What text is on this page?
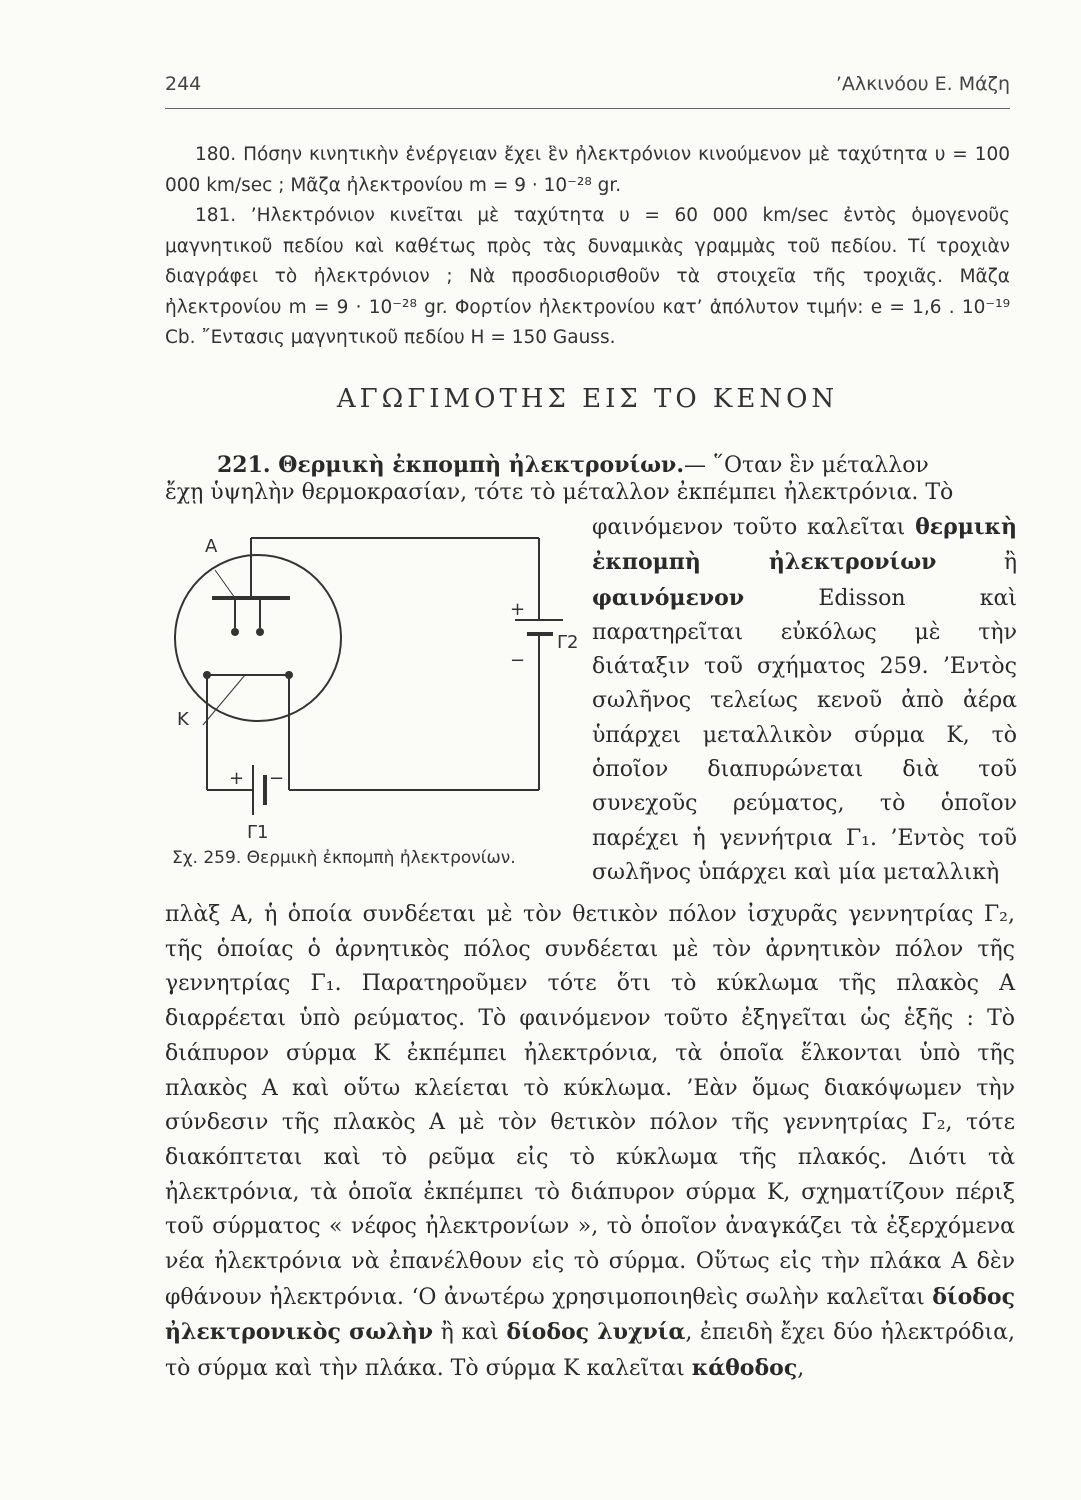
244	’Αλκινόου Ε. Μάζη

180. Πόσην κινητικὴν ἐνέργειαν ἔχει ἓν ἠλεκτρόνιον κινούμενον μὲ ταχύτητα υ = 100 000 km/sec ; Μᾶζα ἠλεκτρονίου m = 9 · 10⁻²⁸ gr.

181. ’Ηλεκτρόνιον κινεῖται μὲ ταχύτητα υ = 60 000 km/sec ἐντὸς ὁμογενοῦς μαγνητικοῦ πεδίου καὶ καθέτως πρὸς τὰς δυναμικὰς γραμμὰς τοῦ πεδίου. Τί τροχιὰν διαγράφει τὸ ἠλεκτρόνιον ; Νὰ προσδιορισθοῦν τὰ στοιχεῖα τῆς τροχιᾶς. Μᾶζα ἠλεκτρονίου m = 9 · 10⁻²⁸ gr. Φορτίον ἠλεκτρονίου κατ’ ἀπόλυτον τιμήν: e = 1,6 . 10⁻¹⁹ Cb. ῎Εντασις μαγνητικοῦ πεδίου Η = 150 Gauss.

ΑΓΩΓΙΜΟΤΗΣ ΕΙΣ ΤΟ ΚΕΝΟΝ
221. Θερμικὴ ἐκπομπὴ ἠλεκτρονίων.— ῞Οταν ἓν μέταλλον
ἔχῃ ὑψηλὴν θερμοκρασίαν, τότε τὸ μέταλλον ἐκπέμπει ἠλεκτρόνια. Τὸ

φαινόμενον τοῦτο καλεῖται θερμικὴ ἐκπομπὴ ἠλεκτρονίων ἢ φαινόμενον Edisson καὶ παρατηρεῖται εὐκόλως μὲ τὴν διάταξιν τοῦ σχήματος 259. ’Εντὸς σωλῆνος τελείως κενοῦ ἀπὸ ἀέρα ὑπάρχει μεταλλικὸν σύρμα Κ, τὸ ὁποῖον διαπυρώνεται διὰ τοῦ συνεχοῦς ρεύματος, τὸ ὁποῖον παρέχει ἡ γεννήτρια Γ₁. ’Εντὸς τοῦ σωλῆνος ὑπάρχει καὶ μία μεταλλικὴ

Α
Κ
+
−
Γ2
+ −
Γ1
Σχ. 259. Θερμικὴ ἐκπομπὴ ἠλεκτρονίων.

πλὰξ Α, ἡ ὁποία συνδέεται μὲ τὸν θετικὸν πόλον ἰσχυρᾶς γεννητρίας Γ₂, τῆς ὁποίας ὁ ἀρνητικὸς πόλος συνδέεται μὲ τὸν ἀρνητικὸν πόλον τῆς γεννητρίας Γ₁. Παρατηροῦμεν τότε ὅτι τὸ κύκλωμα τῆς πλακὸς Α διαρρέεται ὑπὸ ρεύματος. Τὸ φαινόμενον τοῦτο ἐξηγεῖται ὡς ἑξῆς : Τὸ διάπυρον σύρμα Κ ἐκπέμπει ἠλεκτρόνια, τὰ ὁποῖα ἕλκονται ὑπὸ τῆς πλακὸς Α καὶ οὕτω κλείεται τὸ κύκλωμα. ’Εὰν ὅμως διακόψωμεν τὴν σύνδεσιν τῆς πλακὸς Α μὲ τὸν θετικὸν πόλον τῆς γεννητρίας Γ₂, τότε διακόπτεται καὶ τὸ ρεῦμα εἰς τὸ κύκλωμα τῆς πλακός. Διότι τὰ ἠλεκτρόνια, τὰ ὁποῖα ἐκπέμπει τὸ διάπυρον σύρμα Κ, σχηματίζουν πέριξ τοῦ σύρματος « νέφος ἠλεκτρονίων », τὸ ὁποῖον ἀναγκάζει τὰ ἐξερχόμενα νέα ἠλεκτρόνια νὰ ἐπανέλθουν εἰς τὸ σύρμα. Οὕτως εἰς τὴν πλάκα Α δὲν φθάνουν ἠλεκτρόνια. ‘Ο ἀνωτέρω χρησιμοποιηθεὶς σωλὴν καλεῖται δίοδος ἠλεκτρονικὸς σωλὴν ἢ καὶ δίοδος λυχνία, ἐπειδὴ ἔχει δύο ἠλεκτρόδια, τὸ σύρμα καὶ τὴν πλάκα. Τὸ σύρμα Κ καλεῖται κάθοδος,
